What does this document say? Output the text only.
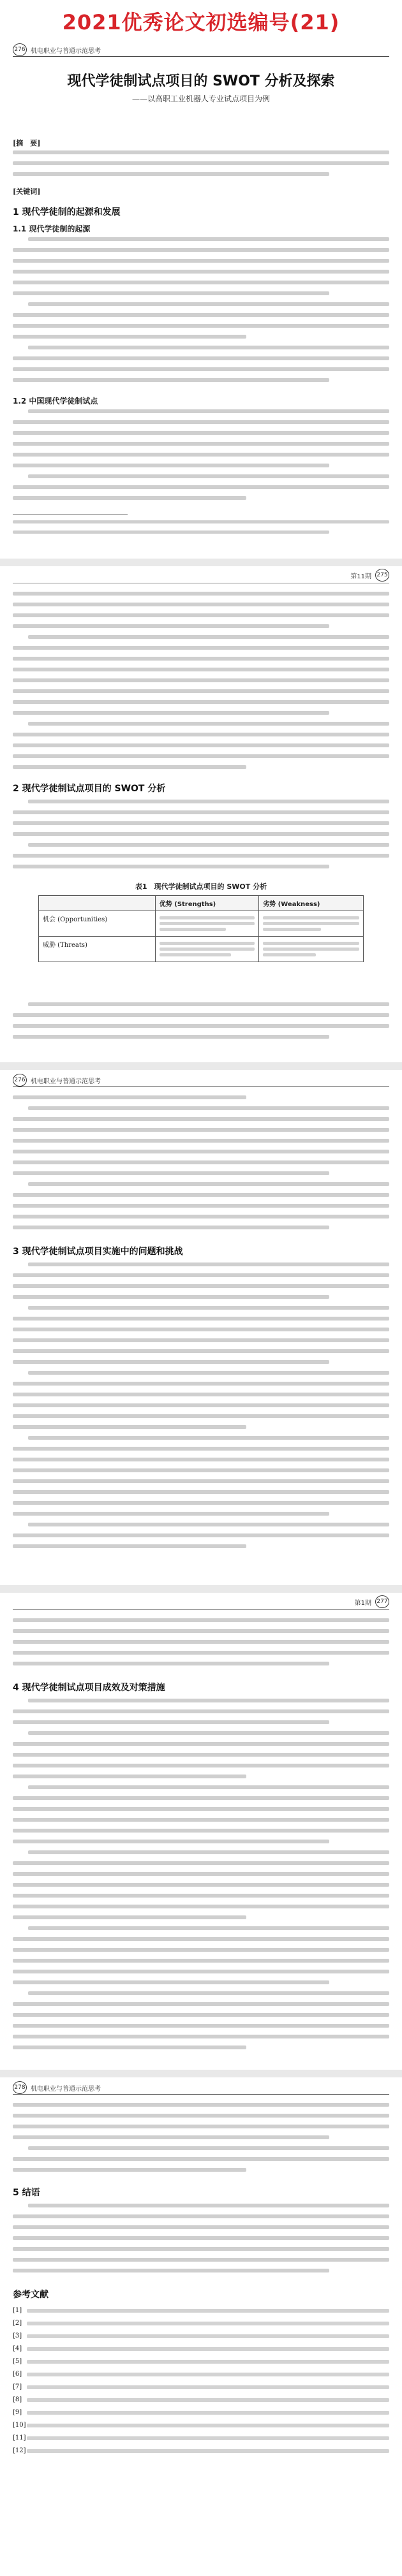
2021优秀论文初选编号(21)
276 机电职业与普通示范思考
现代学徒制试点项目的 SWOT 分析及探索
——以高职工业机器人专业试点项目为例
[摘　要]
[关键词]
1 现代学徒制的起源和发展
1.1 现代学徒制的起源
1.2 中国现代学徒制试点
第11期 275
2 现代学徒制试点项目的 SWOT 分析
表1　现代学徒制试点项目的 SWOT 分析
	优势 (Strengths)	劣势 (Weakness)
机会 (Opportunities)	

威胁 (Threats)	

276 机电职业与普通示范思考
3 现代学徒制试点项目实施中的问题和挑战
第1期 277
4 现代学徒制试点项目成效及对策措施
278 机电职业与普通示范思考
5 结语
参考文献
[1]
[2]
[3]
[4]
[5]
[6]
[7]
[8]
[9]
[10]
[11]
[12]
